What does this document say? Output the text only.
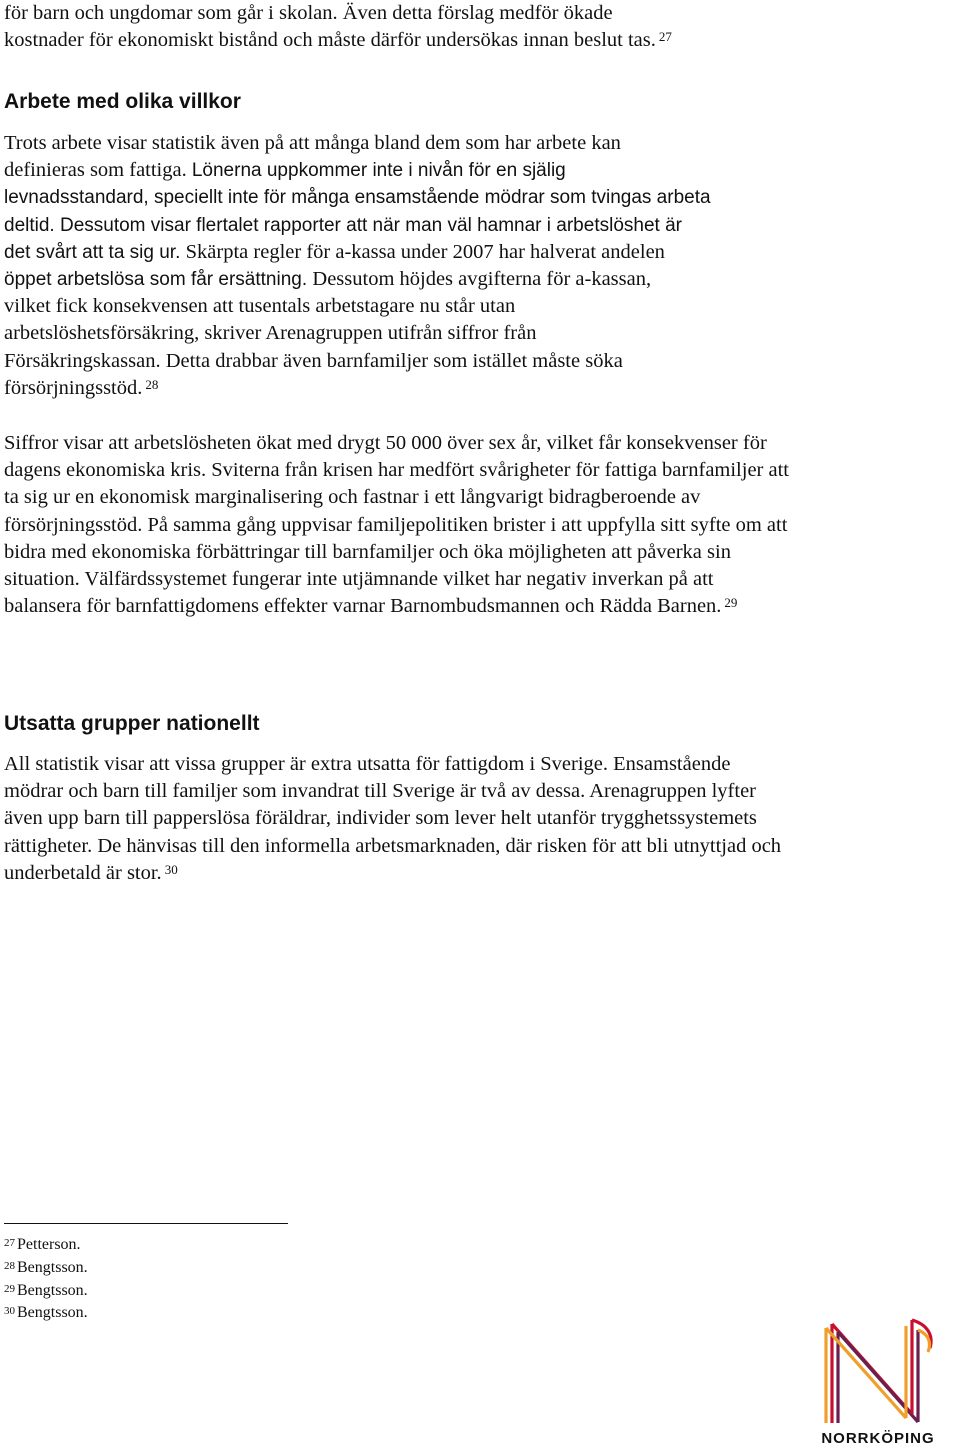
för barn och ungdomar som går i skolan. Även detta förslag medför ökade
kostnader för ekonomiskt bistånd och måste därför undersökas innan beslut tas. $^{27}$
Arbete med olika villkor
Trots arbete visar statistik även på att många bland dem som har arbete kan
definieras som fattiga. Lönerna uppkommer inte i nivån för en själig
levnadsstandard, speciellt inte för många ensamstående mödrar som tvingas arbeta
deltid. Dessutom visar flertalet rapporter att när man väl hamnar i arbetslöshet är
det svårt att ta sig ur. Skärpta regler för a-kassa under 2007 har halverat andelen
öppet arbetslösa som får ersättning. Dessutom höjdes avgifterna för a-kassan,
vilket fick konsekvensen att tusentals arbetstagare nu står utan
arbetslöshetsförsäkring, skriver Arenagruppen utifrån siffror från
Försäkringskassan. Detta drabbar även barnfamiljer som istället måste söka
försörjningsstöd. $^{28}$
Siffror visar att arbetslösheten ökat med drygt 50 000 över sex år, vilket får konsekvenser för dagens ekonomiska kris. Sviterna från krisen har medfört svårigheter för fattiga barnfamiljer att ta sig ur en ekonomisk marginalisering och fastnar i ett långvarigt bidragberoende av försörjningsstöd. På samma gång uppvisar familjepolitiken brister i att uppfylla sitt syfte om att bidra med ekonomiska förbättringar till barnfamiljer och öka möjligheten att påverka sin situation. Välfärdssystemet fungerar inte utjämnande vilket har negativ inverkan på att balansera för barnfattigdomens effekter varnar Barnombudsmannen och Rädda Barnen. $^{29}$
Utsatta grupper nationellt
All statistik visar att vissa grupper är extra utsatta för fattigdom i Sverige. Ensamstående mödrar och barn till familjer som invandrat till Sverige är två av dessa. Arenagruppen lyfter även upp barn till papperslösa föräldrar, individer som lever helt utanför trygghetssystemets rättigheter. De hänvisas till den informella arbetsmarknaden, där risken för att bli utnyttjad och underbetald är stor. $^{30}$
$^{27}$ Petterson.
$^{28}$ Bengtsson.
$^{29}$ Bengtsson.
$^{30}$ Bengtsson.
NORRKÖPING
